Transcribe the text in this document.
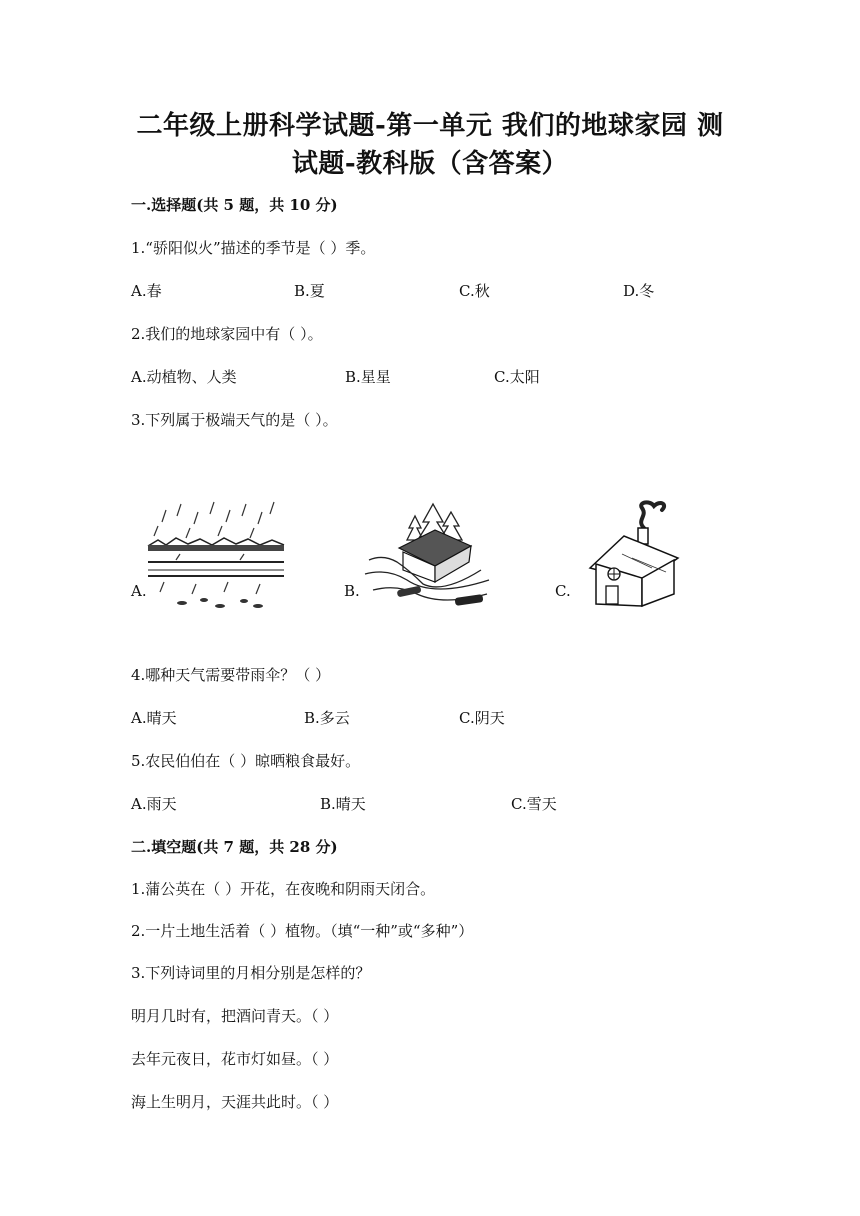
二年级上册科学试题-第一单元 我们的地球家园 测
试题-教科版（含答案）
一.选择题(共 5 题，共 10 分)
1.“骄阳似火”描述的季节是（ ）季。
A.春	B.夏	C.秋	D.冬
2.我们的地球家园中有（ ）。
A.动植物、人类	B.星星	C.太阳
3.下列属于极端天气的是（ ）。
A.	B.	C.
4.哪种天气需要带雨伞？（ ）
A.晴天	B.多云	C.阴天
5.农民伯伯在（ ）晾晒粮食最好。
A.雨天	B.晴天	C.雪天
二.填空题(共 7 题，共 28 分)
1.蒲公英在（ ）开花，在夜晚和阴雨天闭合。
2.一片土地生活着（ ）植物。（填“一种”或“多种”）
3.下列诗词里的月相分别是怎样的？
明月几时有，把酒问青天。（ ）
去年元夜日，花市灯如昼。（ ）
海上生明月，天涯共此时。（ ）
